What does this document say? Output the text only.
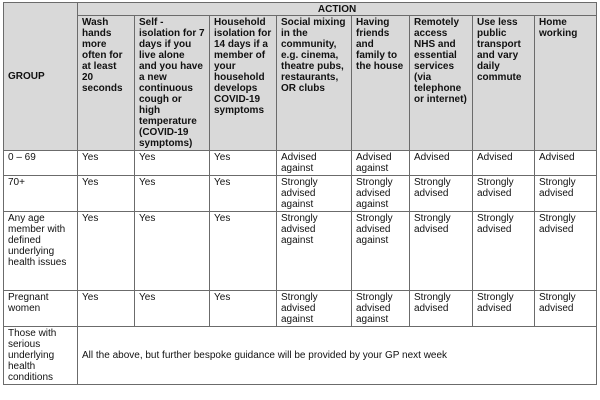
GROUP	ACTION							
	Wash hands more often for at least 20 seconds	Self - isolation for 7 days if you live alone and you have a new continuous cough or high temperature (COVID-19 symptoms)	Household isolation for 14 days if a member of your household develops COVID-19 symptoms	Social mixing in the community, e.g. cinema, theatre pubs, restaurants, OR clubs	Having friends and family to the house	Remotely access NHS and essential services (via telephone or internet)	Use less public transport and vary daily commute	Home working
0 – 69	Yes	Yes	Yes	Advised against	Advised against	Advised	Advised	Advised
70+	Yes	Yes	Yes	Strongly advised against	Strongly advised against	Strongly advised	Strongly advised	Strongly advised
Any age member with defined underlying health issues	Yes	Yes	Yes	Strongly advised against	Strongly advised against	Strongly advised	Strongly advised	Strongly advised
Pregnant women	Yes	Yes	Yes	Strongly advised against	Strongly advised against	Strongly advised	Strongly advised	Strongly advised
Those with serious underlying health conditions	All the above, but further bespoke guidance will be provided by your GP next week							
